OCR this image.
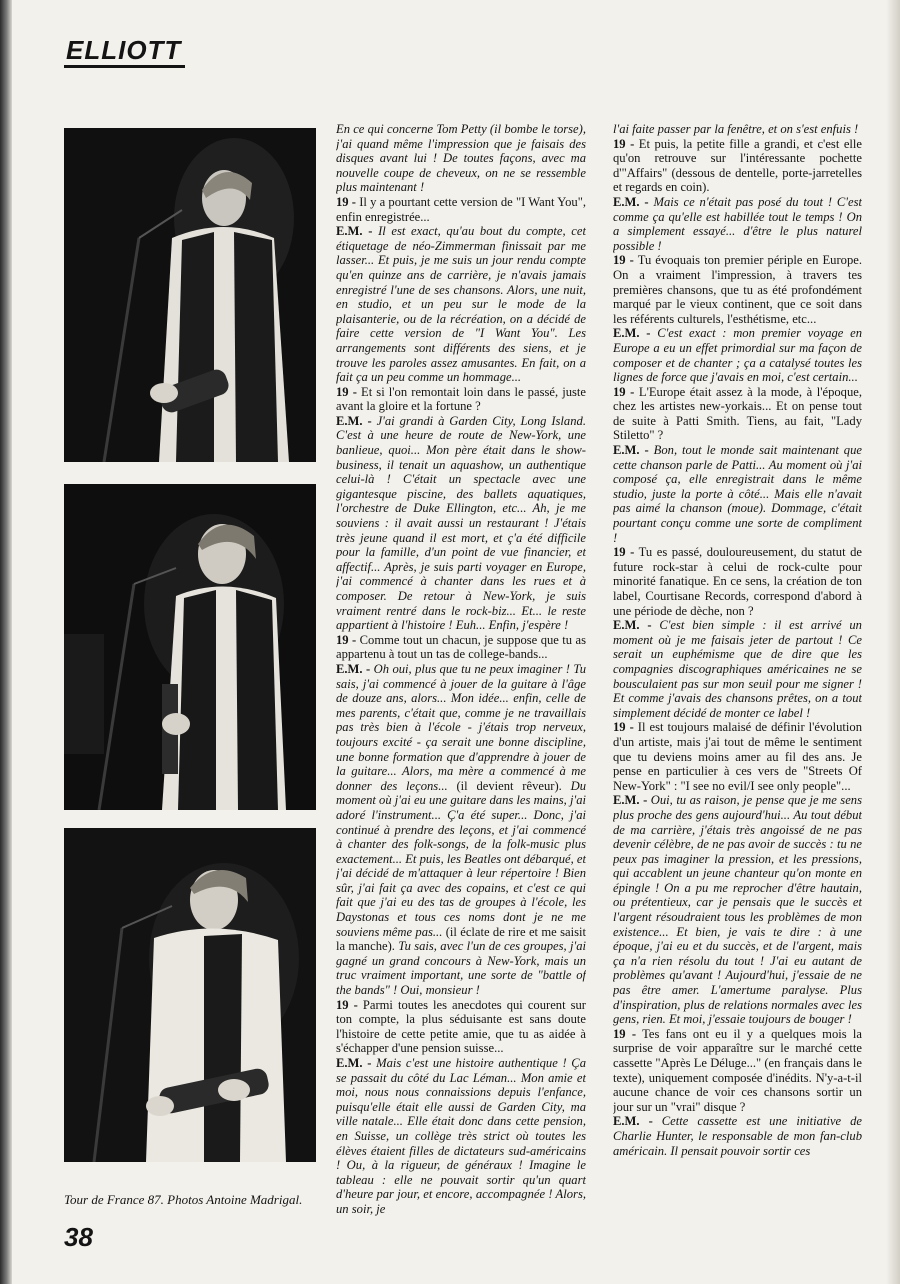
ELLIOTT
Tour de France 87. Photos Antoine Madrigal.
38

En ce qui concerne Tom Petty (il bombe le torse), j'ai quand même l'impression que je faisais des disques avant lui ! De toutes façons, avec ma nouvelle coupe de cheveux, on ne se ressemble plus maintenant !

19 - Il y a pourtant cette version de "I Want You", enfin enregistrée...

E.M. - Il est exact, qu'au bout du compte, cet étiquetage de néo-Zimmerman finissait par me lasser... Et puis, je me suis un jour rendu compte qu'en quinze ans de carrière, je n'avais jamais enregistré l'une de ses chansons. Alors, une nuit, en studio, et un peu sur le mode de la plaisanterie, ou de la récréation, on a décidé de faire cette version de "I Want You". Les arrangements sont différents des siens, et je trouve les paroles assez amusantes. En fait, on a fait ça un peu comme un hommage...

19 - Et si l'on remontait loin dans le passé, juste avant la gloire et la fortune ?

E.M. - J'ai grandi à Garden City, Long Island. C'est à une heure de route de New-York, une banlieue, quoi... Mon père était dans le show-business, il tenait un aquashow, un authentique celui-là ! C'était un spectacle avec une gigantesque piscine, des ballets aquatiques, l'orchestre de Duke Ellington, etc... Ah, je me souviens : il avait aussi un restaurant ! J'étais très jeune quand il est mort, et ç'a été difficile pour la famille, d'un point de vue financier, et affectif... Après, je suis parti voyager en Europe, j'ai commencé à chanter dans les rues et à composer. De retour à New-York, je suis vraiment rentré dans le rock-biz... Et... le reste appartient à l'histoire ! Euh... Enfin, j'espère !

19 - Comme tout un chacun, je suppose que tu as appartenu à tout un tas de college-bands...

E.M. - Oh oui, plus que tu ne peux imaginer ! Tu sais, j'ai commencé à jouer de la guitare à l'âge de douze ans, alors... Mon idée... enfin, celle de mes parents, c'était que, comme je ne travaillais pas très bien à l'école - j'étais trop nerveux, toujours excité - ça serait une bonne discipline, une bonne formation que d'apprendre à jouer de la guitare... Alors, ma mère a commencé à me donner des leçons... (il devient rêveur). Du moment où j'ai eu une guitare dans les mains, j'ai adoré l'instrument... Ç'a été super... Donc, j'ai continué à prendre des leçons, et j'ai commencé à chanter des folk-songs, de la folk-music plus exactement... Et puis, les Beatles ont débarqué, et j'ai décidé de m'attaquer à leur répertoire ! Bien sûr, j'ai fait ça avec des copains, et c'est ce qui fait que j'ai eu des tas de groupes à l'école, les Daystonas et tous ces noms dont je ne me souviens même pas... (il éclate de rire et me saisit la manche). Tu sais, avec l'un de ces groupes, j'ai gagné un grand concours à New-York, mais un truc vraiment important, une sorte de "battle of the bands" ! Oui, monsieur !

19 - Parmi toutes les anecdotes qui courent sur ton compte, la plus séduisante est sans doute l'histoire de cette petite amie, que tu as aidée à s'échapper d'une pension suisse...

E.M. - Mais c'est une histoire authentique ! Ça se passait du côté du Lac Léman... Mon amie et moi, nous nous connaissions depuis l'enfance, puisqu'elle était elle aussi de Garden City, ma ville natale... Elle était donc dans cette pension, en Suisse, un collège très strict où toutes les élèves étaient filles de dictateurs sud-américains ! Ou, à la rigueur, de généraux ! Imagine le tableau : elle ne pouvait sortir qu'un quart d'heure par jour, et encore, accompagnée ! Alors, un soir, je

l'ai faite passer par la fenêtre, et on s'est enfuis !

19 - Et puis, la petite fille a grandi, et c'est elle qu'on retrouve sur l'intéressante pochette d'"Affairs" (dessous de dentelle, porte-jarretelles et regards en coin).

E.M. - Mais ce n'était pas posé du tout ! C'est comme ça qu'elle est habillée tout le temps ! On a simplement essayé... d'être le plus naturel possible !

19 - Tu évoquais ton premier périple en Europe. On a vraiment l'impression, à travers tes premières chansons, que tu as été profondément marqué par le vieux continent, que ce soit dans les référents culturels, l'esthétisme, etc...

E.M. - C'est exact : mon premier voyage en Europe a eu un effet primordial sur ma façon de composer et de chanter ; ça a catalysé toutes les lignes de force que j'avais en moi, c'est certain...

19 - L'Europe était assez à la mode, à l'époque, chez les artistes new-yorkais... Et on pense tout de suite à Patti Smith. Tiens, au fait, "Lady Stiletto" ?

E.M. - Bon, tout le monde sait maintenant que cette chanson parle de Patti... Au moment où j'ai composé ça, elle enregistrait dans le même studio, juste la porte à côté... Mais elle n'avait pas aimé la chanson (moue). Dommage, c'était pourtant conçu comme une sorte de compliment !

19 - Tu es passé, douloureusement, du statut de future rock-star à celui de rock-culte pour minorité fanatique. En ce sens, la création de ton label, Courtisane Records, correspond d'abord à une période de dèche, non ?

E.M. - C'est bien simple : il est arrivé un moment où je me faisais jeter de partout ! Ce serait un euphémisme que de dire que les compagnies discographiques américaines ne se bousculaient pas sur mon seuil pour me signer ! Et comme j'avais des chansons prêtes, on a tout simplement décidé de monter ce label !

19 - Il est toujours malaisé de définir l'évolution d'un artiste, mais j'ai tout de même le sentiment que tu deviens moins amer au fil des ans. Je pense en particulier à ces vers de "Streets Of New-York" : "I see no evil/I see only people"...

E.M. - Oui, tu as raison, je pense que je me sens plus proche des gens aujourd'hui... Au tout début de ma carrière, j'étais très angoissé de ne pas devenir célèbre, de ne pas avoir de succès : tu ne peux pas imaginer la pression, et les pressions, qui accablent un jeune chanteur qu'on monte en épingle ! On a pu me reprocher d'être hautain, ou prétentieux, car je pensais que le succès et l'argent résoudraient tous les problèmes de mon existence... Et bien, je vais te dire : à une époque, j'ai eu et du succès, et de l'argent, mais ça n'a rien résolu du tout ! J'ai eu autant de problèmes qu'avant ! Aujourd'hui, j'essaie de ne pas être amer. L'amertume paralyse. Plus d'inspiration, plus de relations normales avec les gens, rien. Et moi, j'essaie toujours de bouger !

19 - Tes fans ont eu il y a quelques mois la surprise de voir apparaître sur le marché cette cassette "Après Le Déluge..." (en français dans le texte), uniquement composée d'inédits. N'y-a-t-il aucune chance de voir ces chansons sortir un jour sur un "vrai" disque ?

E.M. - Cette cassette est une initiative de Charlie Hunter, le responsable de mon fan-club américain. Il pensait pouvoir sortir ces
